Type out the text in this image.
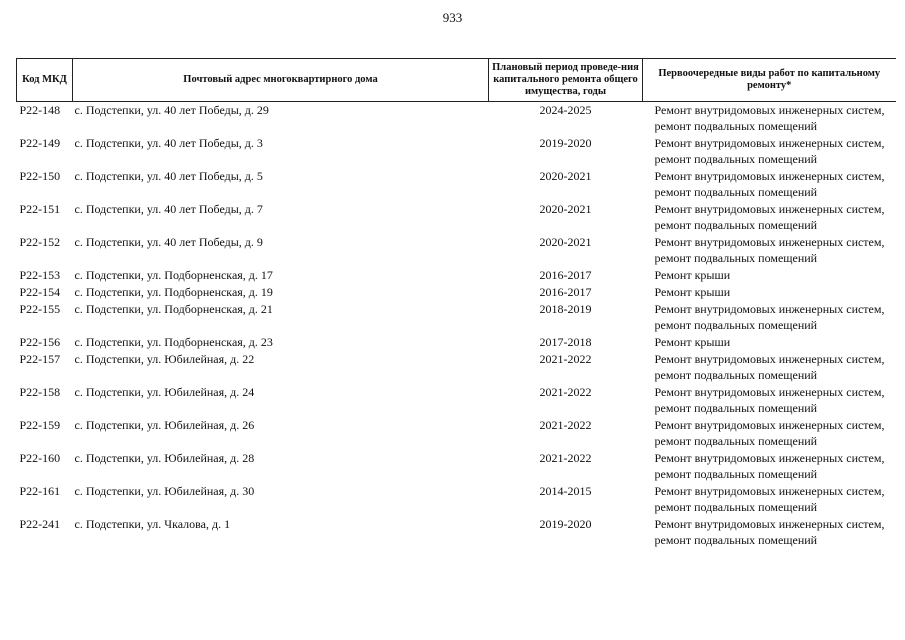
933
Код МКД	Почтовый адрес многоквартирного дома	Плановый период проведе-ния капитального ремонта общего имущества, годы	Первоочередные виды работ по капитальному ремонту*
P22-148	с. Подстепки, ул. 40 лет Победы, д. 29	2024-2025	Ремонт внутридомовых инженерных систем, ремонт подвальных помещений
P22-149	с. Подстепки, ул. 40 лет Победы, д. 3	2019-2020	Ремонт внутридомовых инженерных систем, ремонт подвальных помещений
P22-150	с. Подстепки, ул. 40 лет Победы, д. 5	2020-2021	Ремонт внутридомовых инженерных систем, ремонт подвальных помещений
P22-151	с. Подстепки, ул. 40 лет Победы, д. 7	2020-2021	Ремонт внутридомовых инженерных систем, ремонт подвальных помещений
P22-152	с. Подстепки, ул. 40 лет Победы, д. 9	2020-2021	Ремонт внутридомовых инженерных систем, ремонт подвальных помещений
P22-153	с. Подстепки, ул. Подборненская, д. 17	2016-2017	Ремонт крыши
P22-154	с. Подстепки, ул. Подборненская, д. 19	2016-2017	Ремонт крыши
P22-155	с. Подстепки, ул. Подборненская, д. 21	2018-2019	Ремонт внутридомовых инженерных систем, ремонт подвальных помещений
P22-156	с. Подстепки, ул. Подборненская, д. 23	2017-2018	Ремонт крыши
P22-157	с. Подстепки, ул. Юбилейная, д. 22	2021-2022	Ремонт внутридомовых инженерных систем, ремонт подвальных помещений
P22-158	с. Подстепки, ул. Юбилейная, д. 24	2021-2022	Ремонт внутридомовых инженерных систем, ремонт подвальных помещений
P22-159	с. Подстепки, ул. Юбилейная, д. 26	2021-2022	Ремонт внутридомовых инженерных систем, ремонт подвальных помещений
P22-160	с. Подстепки, ул. Юбилейная, д. 28	2021-2022	Ремонт внутридомовых инженерных систем, ремонт подвальных помещений
P22-161	с. Подстепки, ул. Юбилейная, д. 30	2014-2015	Ремонт внутридомовых инженерных систем, ремонт подвальных помещений
P22-241	с. Подстепки, ул. Чкалова, д. 1	2019-2020	Ремонт внутридомовых инженерных систем, ремонт подвальных помещений
